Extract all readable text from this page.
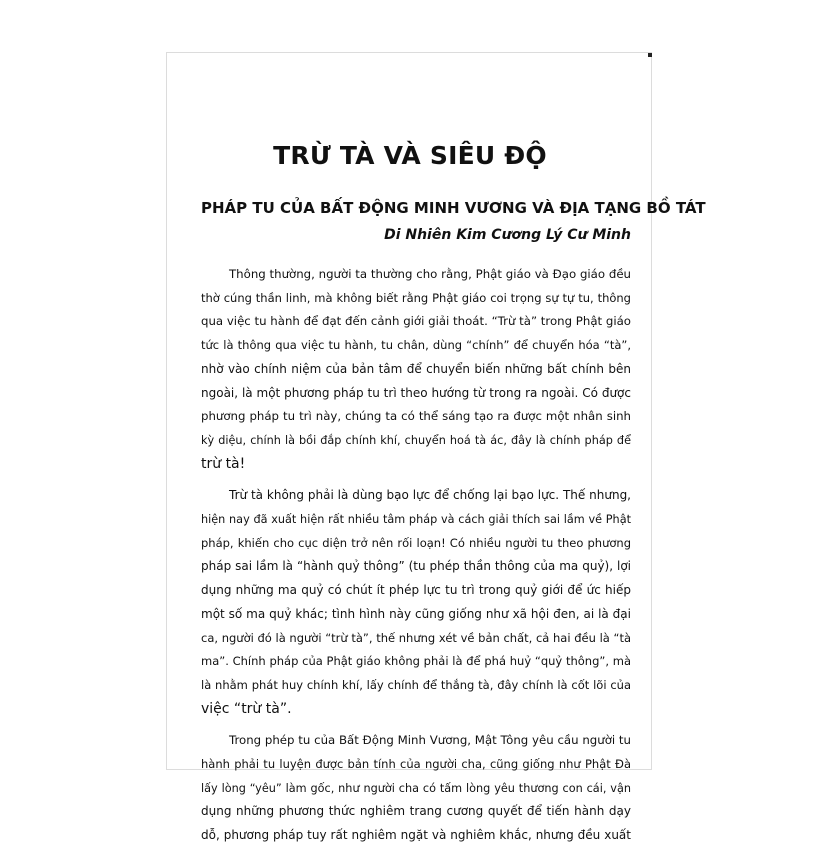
TRỪ TÀ VÀ SIÊU ĐỘ
PHÁP TU CỦA BẤT ĐỘNG MINH VƯƠNG VÀ ĐỊA TẠNG BỒ TÁT
Di Nhiên Kim Cương Lý Cư Minh
Thông thường, người ta thường cho rằng, Phật giáo và Đạo giáo đều
thờ cúng thần linh, mà không biết rằng Phật giáo coi trọng sự tự tu, thông
qua việc tu hành để đạt đến cảnh giới giải thoát. “Trừ tà” trong Phật giáo
tức là thông qua việc tu hành, tu chân, dùng “chính” để chuyển hóa “tà”,
nhờ vào chính niệm của bản tâm để chuyển biến những bất chính bên
ngoài, là một phương pháp tu trì theo hướng từ trong ra ngoài. Có được
phương pháp tu trì này, chúng ta có thể sáng tạo ra được một nhân sinh
kỳ diệu, chính là bồi đắp chính khí, chuyển hoá tà ác, đây là chính pháp để
trừ tà!
Trừ tà không phải là dùng bạo lực để chống lại bạo lực. Thế nhưng,
hiện nay đã xuất hiện rất nhiều tâm pháp và cách giải thích sai lầm về Phật
pháp, khiến cho cục diện trở nên rối loạn! Có nhiều người tu theo phương
pháp sai lầm là “hành quỷ thông” (tu phép thần thông của ma quỷ), lợi
dụng những ma quỷ có chút ít phép lực tu trì trong quỷ giới để ức hiếp
một số ma quỷ khác; tình hình này cũng giống như xã hội đen, ai là đại
ca, người đó là người “trừ tà”, thế nhưng xét về bản chất, cả hai đều là “tà
ma”. Chính pháp của Phật giáo không phải là để phá huỷ “quỷ thông”, mà
là nhằm phát huy chính khí, lấy chính để thắng tà, đây chính là cốt lõi của
việc “trừ tà”.
Trong phép tu của Bất Động Minh Vương, Mật Tông yêu cầu người tu
hành phải tu luyện được bản tính của người cha, cũng giống như Phật Đà
lấy lòng “yêu” làm gốc, như người cha có tấm lòng yêu thương con cái, vận
dụng những phương thức nghiêm trang cương quyết để tiến hành dạy
dỗ, phương pháp tuy rất nghiêm ngặt và nghiêm khắc, nhưng đều xuất
